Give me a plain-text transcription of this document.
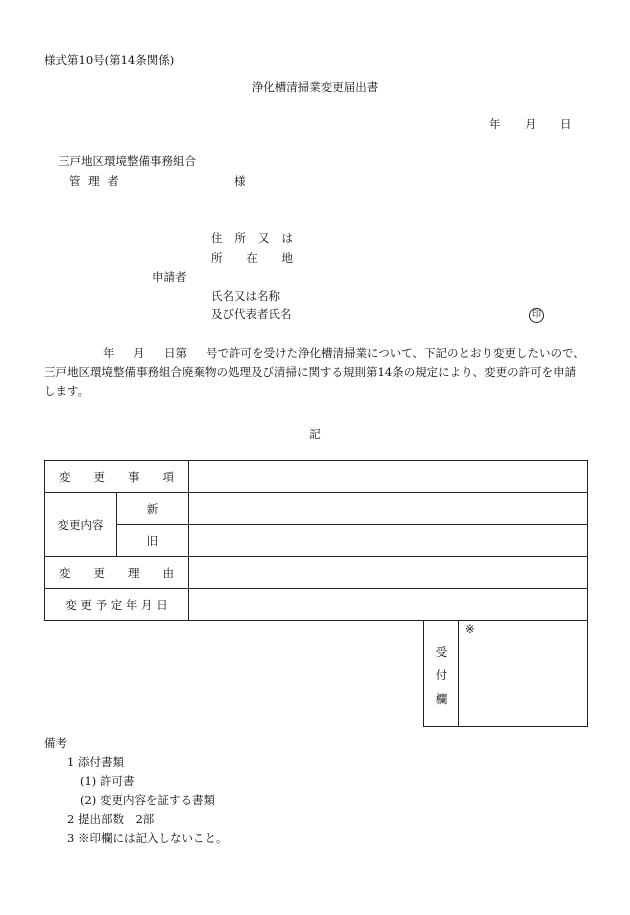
様式第10号(第14条関係)
浄化槽清掃業変更届出書
年 月 日
三戸地区環境整備事務組合
管 理 者	様
住 所 又 は
所 在 地
申請者
氏名又は名称
及び代表者氏名	印
年 月 日第 号で許可を受けた浄化槽清掃業について、下記のとおり変更したいので、
三戸地区環境整備事務組合廃棄物の処理及び清掃に関する規則第14条の規定により、変更の許可を申請
します。
記
変　　更　　事　　項		
変更内容	新	
	旧	
変　　更　　理　　由		
変 更 予 定 年 月 日		
受
付
欄
※
備考
1 添付書類
(1) 許可書
(2) 変更内容を証する書類
2 提出部数　2部
3 ※印欄には記入しないこと。
